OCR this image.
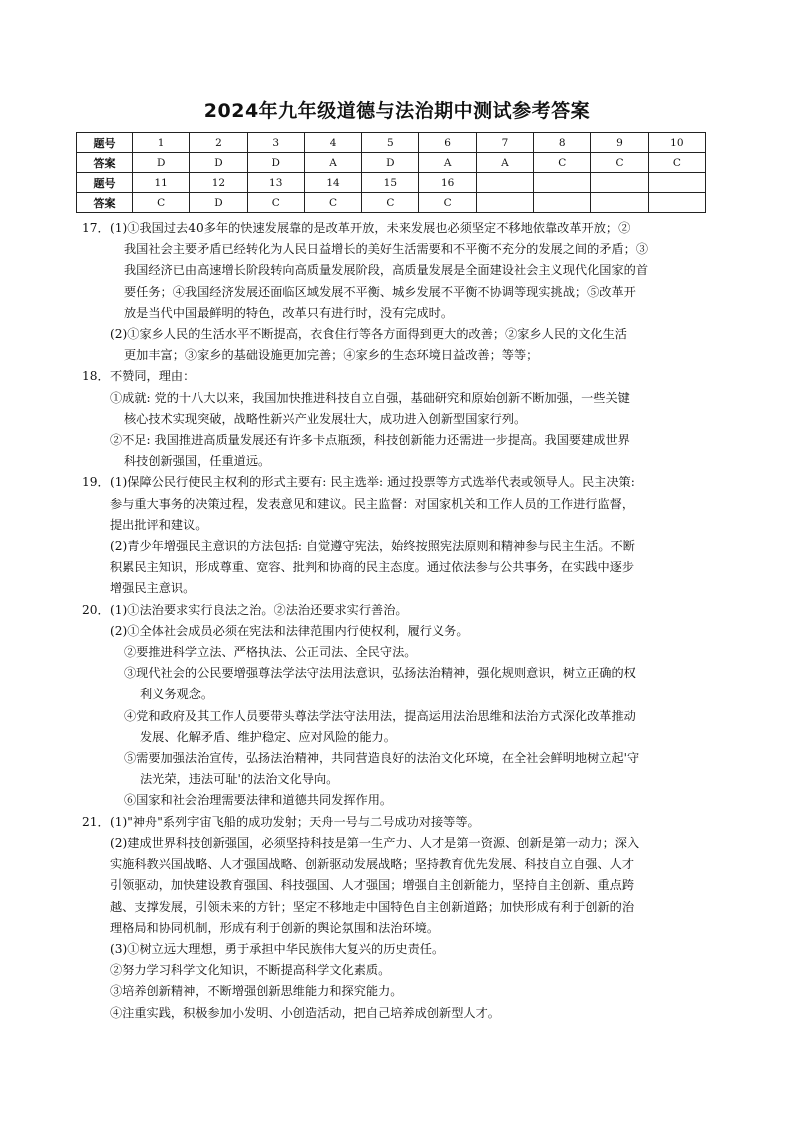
2024年九年级道德与法治期中测试参考答案
题号	1	2	3	4	5	6	7	8	9	10
答案	D	D	D	A	D	A	A	C	C	C
题号	11	12	13	14	15	16				
答案	C	D	C	C	C	C				
17．(1)①我国过去40多年的快速发展靠的是改革开放，未来发展也必须坚定不移地依靠改革开放；②
我国社会主要矛盾已经转化为人民日益增长的美好生活需要和不平衡不充分的发展之间的矛盾；③
我国经济已由高速增长阶段转向高质量发展阶段，高质量发展是全面建设社会主义现代化国家的首
要任务；④我国经济发展还面临区域发展不平衡、城乡发展不平衡不协调等现实挑战；⑤改革开
放是当代中国最鲜明的特色，改革只有进行时，没有完成时。
(2)①家乡人民的生活水平不断提高，衣食住行等各方面得到更大的改善；②家乡人民的文化生活
更加丰富；③家乡的基础设施更加完善；④家乡的生态环境日益改善；等等；
18．不赞同，理由：
①成就: 党的十八大以来，我国加快推进科技自立自强，基础研究和原始创新不断加强，一些关键
核心技术实现突破，战略性新兴产业发展壮大，成功进入创新型国家行列。
②不足: 我国推进高质量发展还有许多卡点瓶颈，科技创新能力还需进一步提高。我国要建成世界
科技创新强国，任重道远。
19．(1)保障公民行使民主权利的形式主要有: 民主选举: 通过投票等方式选举代表或领导人。民主决策:
参与重大事务的决策过程，发表意见和建议。民主监督：对国家机关和工作人员的工作进行监督，
提出批评和建议。
(2)青少年增强民主意识的方法包括: 自觉遵守宪法，始终按照宪法原则和精神参与民主生活。不断
积累民主知识，形成尊重、宽容、批判和协商的民主态度。通过依法参与公共事务，在实践中逐步
增强民主意识。
20．(1)①法治要求实行良法之治。②法治还要求实行善治。
(2)①全体社会成员必须在宪法和法律范围内行使权利，履行义务。
②要推进科学立法、严格执法、公正司法、全民守法。
③现代社会的公民要增强尊法学法守法用法意识，弘扬法治精神，强化规则意识，树立正确的权
利义务观念。
④党和政府及其工作人员要带头尊法学法守法用法，提高运用法治思维和法治方式深化改革推动
发展、化解矛盾、维护稳定、应对风险的能力。
⑤需要加强法治宣传，弘扬法治精神，共同营造良好的法治文化环境，在全社会鲜明地树立起'守
法光荣，违法可耻'的法治文化导向。
⑥国家和社会治理需要法律和道德共同发挥作用。
21．(1)"神舟"系列宇宙飞船的成功发射；天舟一号与二号成功对接等等。
(2)建成世界科技创新强国，必须坚持科技是第一生产力、人才是第一资源、创新是第一动力；深入
实施科教兴国战略、人才强国战略、创新驱动发展战略；坚持教育优先发展、科技自立自强、人才
引领驱动，加快建设教育强国、科技强国、人才强国；增强自主创新能力，坚持自主创新、重点跨
越、支撑发展，引领未来的方针；坚定不移地走中国特色自主创新道路；加快形成有利于创新的治
理格局和协同机制，形成有利于创新的舆论氛围和法治环境。
(3)①树立远大理想，勇于承担中华民族伟大复兴的历史责任。
②努力学习科学文化知识，不断提高科学文化素质。
③培养创新精神，不断增强创新思维能力和探究能力。
④注重实践，积极参加小发明、小创造活动，把自己培养成创新型人才。
